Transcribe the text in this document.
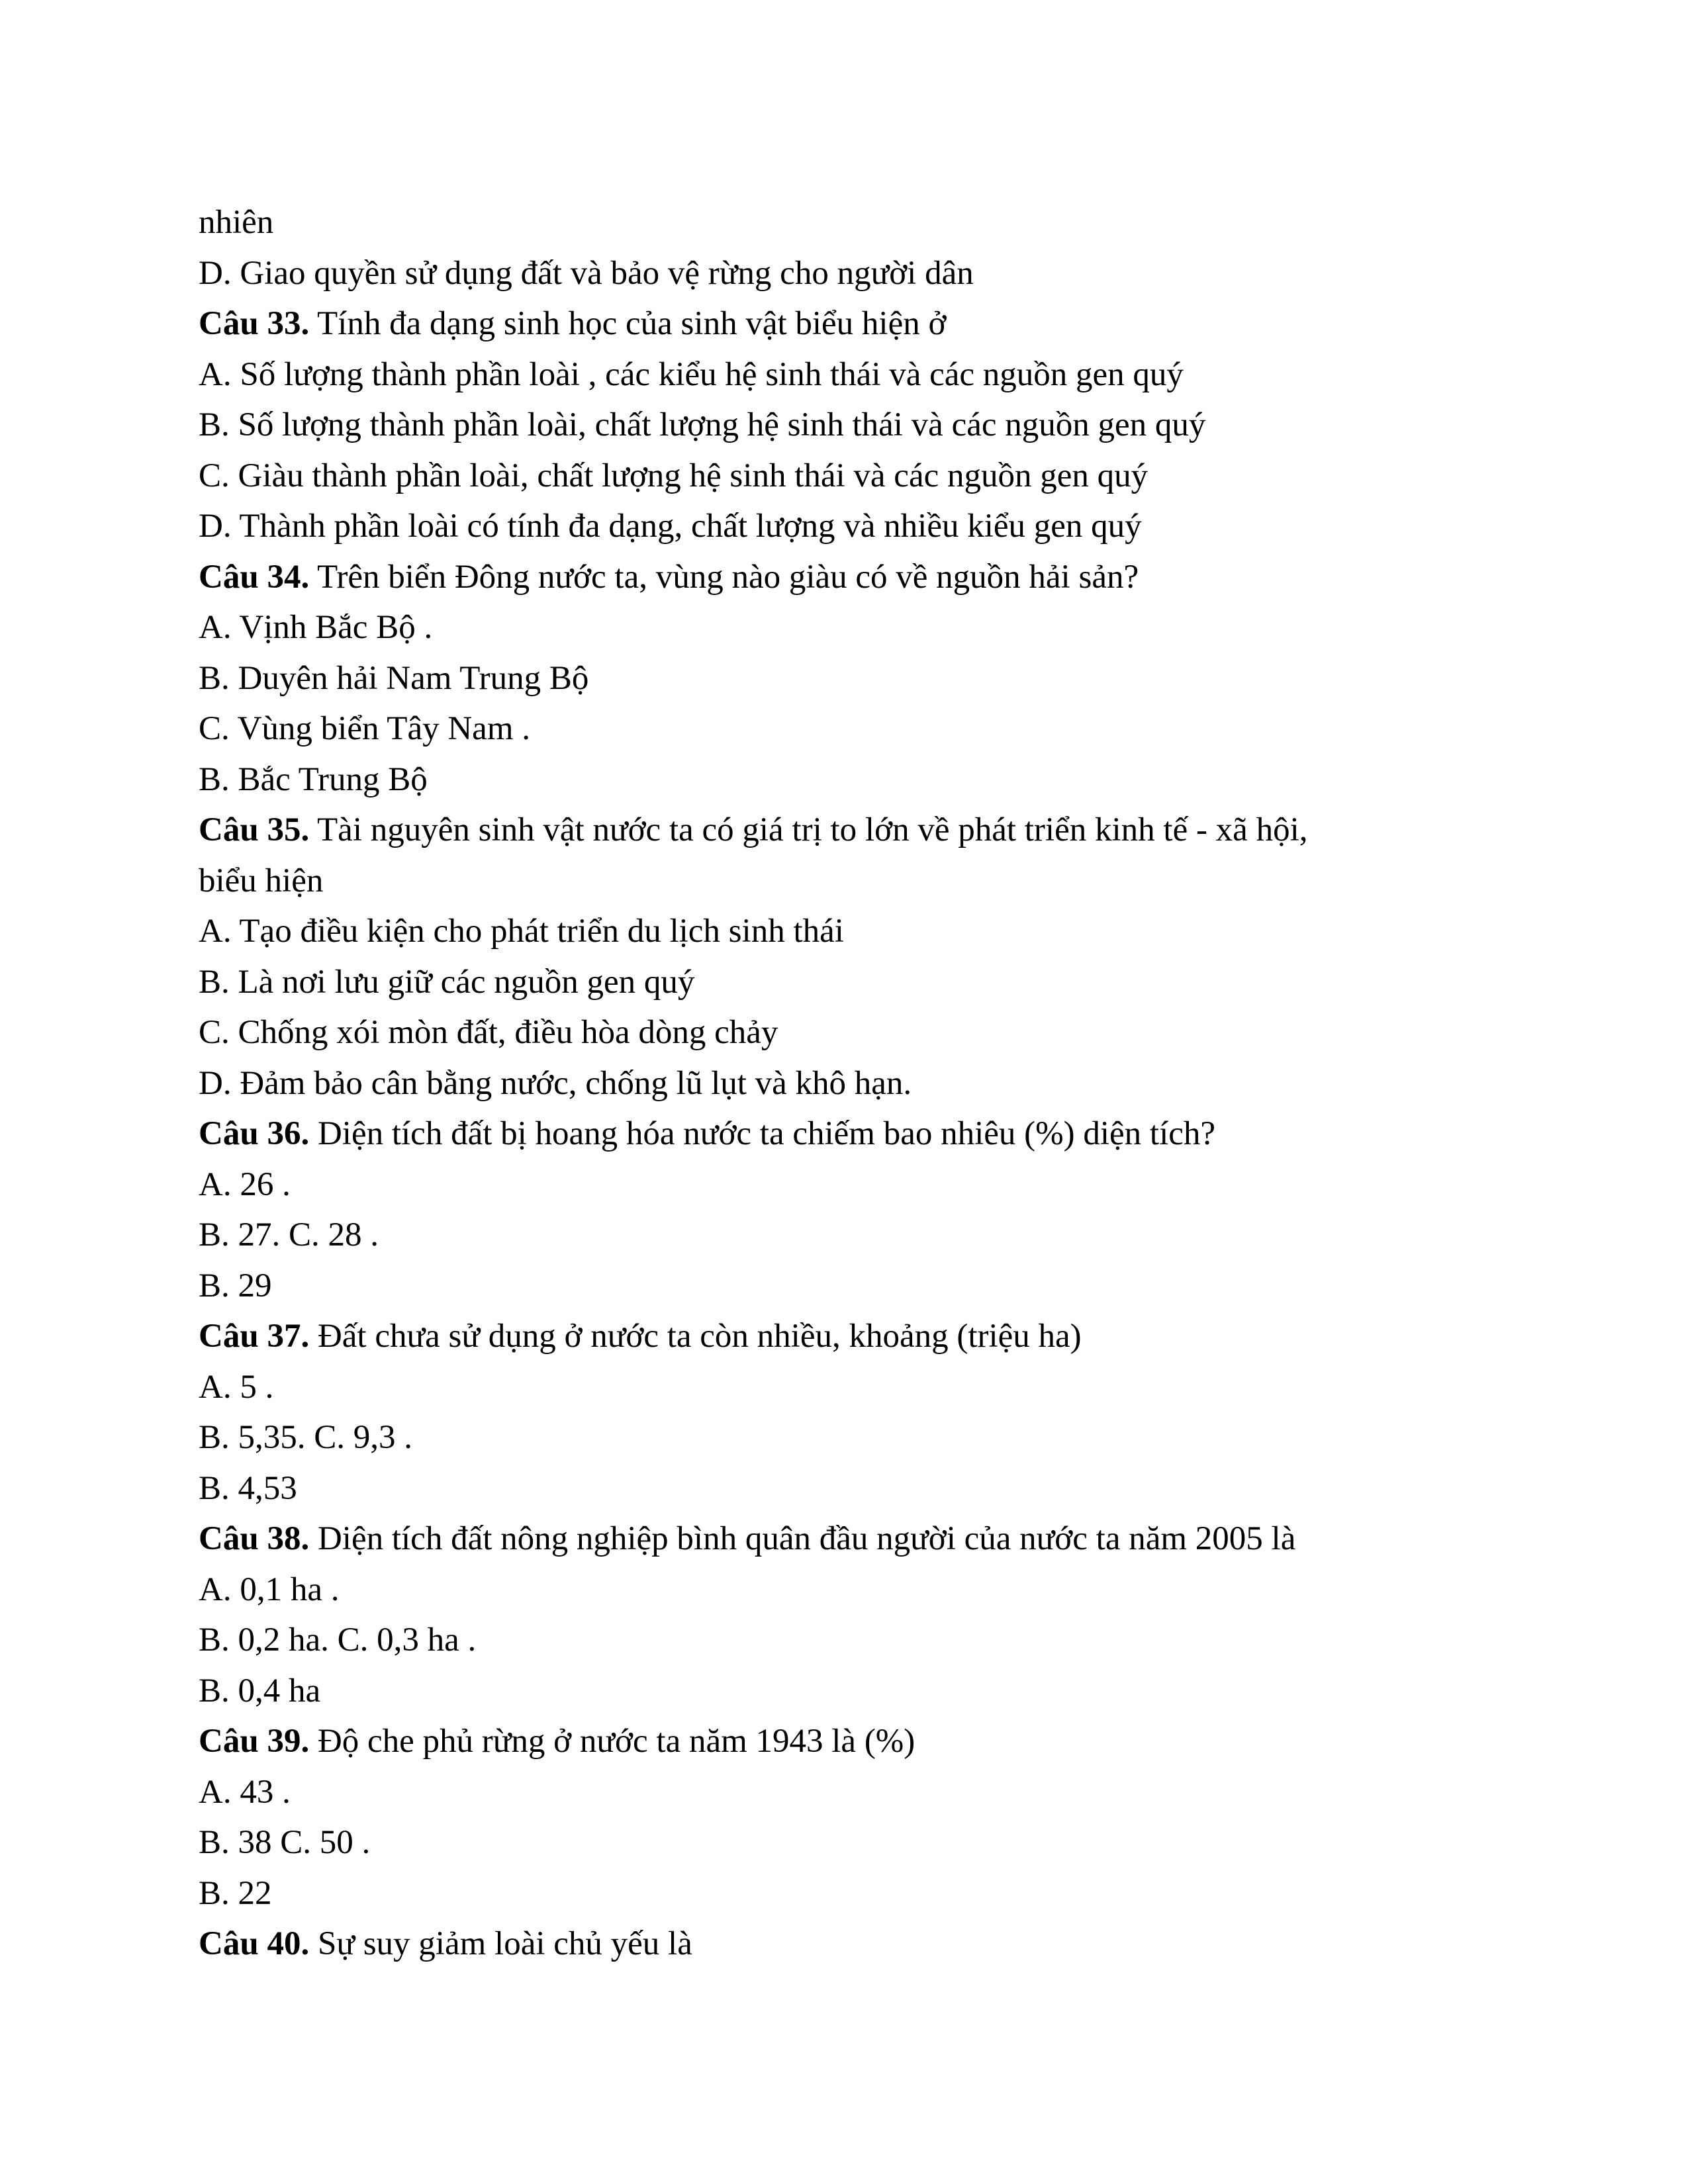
nhiên
D. Giao quyền sử dụng đất và bảo vệ rừng cho người dân
Câu 33. Tính đa dạng sinh học của sinh vật biểu hiện ở
A. Số lượng thành phần loài , các kiểu hệ sinh thái và các nguồn gen quý
B. Số lượng thành phần loài, chất lượng hệ sinh thái và các nguồn gen quý
C. Giàu thành phần loài, chất lượng hệ sinh thái và các nguồn gen quý
D. Thành phần loài có tính đa dạng, chất lượng và nhiều kiểu gen quý
Câu 34. Trên biển Đông nước ta, vùng nào giàu có về nguồn hải sản?
A. Vịnh Bắc Bộ .
B. Duyên hải Nam Trung Bộ
C. Vùng biển Tây Nam .
B. Bắc Trung Bộ
Câu 35. Tài nguyên sinh vật nước ta có giá trị to lớn về phát triển kinh tế - xã hội,
biểu hiện
A. Tạo điều kiện cho phát triển du lịch sinh thái
B. Là nơi lưu giữ các nguồn gen quý
C. Chống xói mòn đất, điều hòa dòng chảy
D. Đảm bảo cân bằng nước, chống lũ lụt và khô hạn.
Câu 36. Diện tích đất bị hoang hóa nước ta chiếm bao nhiêu (%) diện tích?
A. 26 .
B. 27. C. 28 .
B. 29
Câu 37. Đất chưa sử dụng ở nước ta còn nhiều, khoảng (triệu ha)
A. 5 .
B. 5,35. C. 9,3 .
B. 4,53
Câu 38. Diện tích đất nông nghiệp bình quân đầu người của nước ta năm 2005 là
A. 0,1 ha .
B. 0,2 ha. C. 0,3 ha .
B. 0,4 ha
Câu 39. Độ che phủ rừng ở nước ta năm 1943 là (%)
A. 43 .
B. 38 C. 50 .
B. 22
Câu 40. Sự suy giảm loài chủ yếu là
